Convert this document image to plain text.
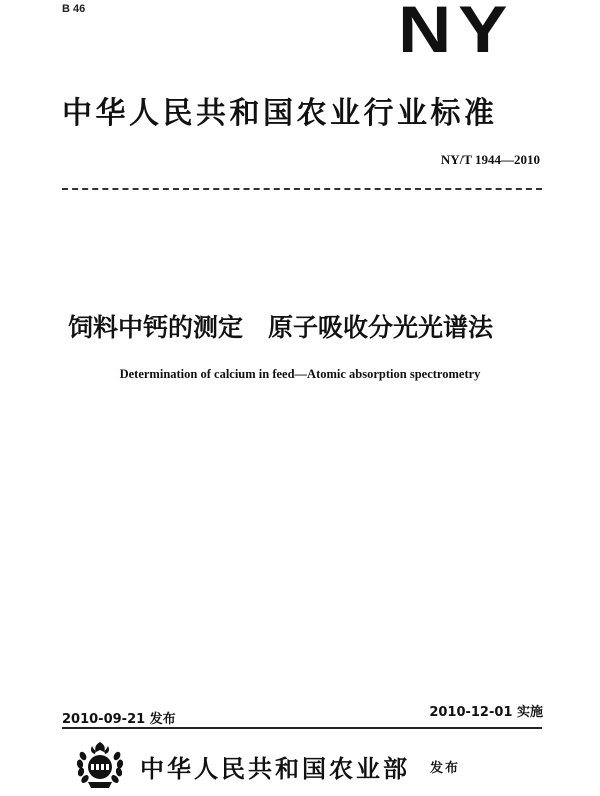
B 46	NY
中华人民共和国农业行业标准
NY/T 1944—2010
饲料中钙的测定　原子吸收分光光谱法
Determination of calcium in feed—Atomic absorption spectrometry
2010-09-21 发布	2010-12-01 实施
中华人民共和国农业部 发布
